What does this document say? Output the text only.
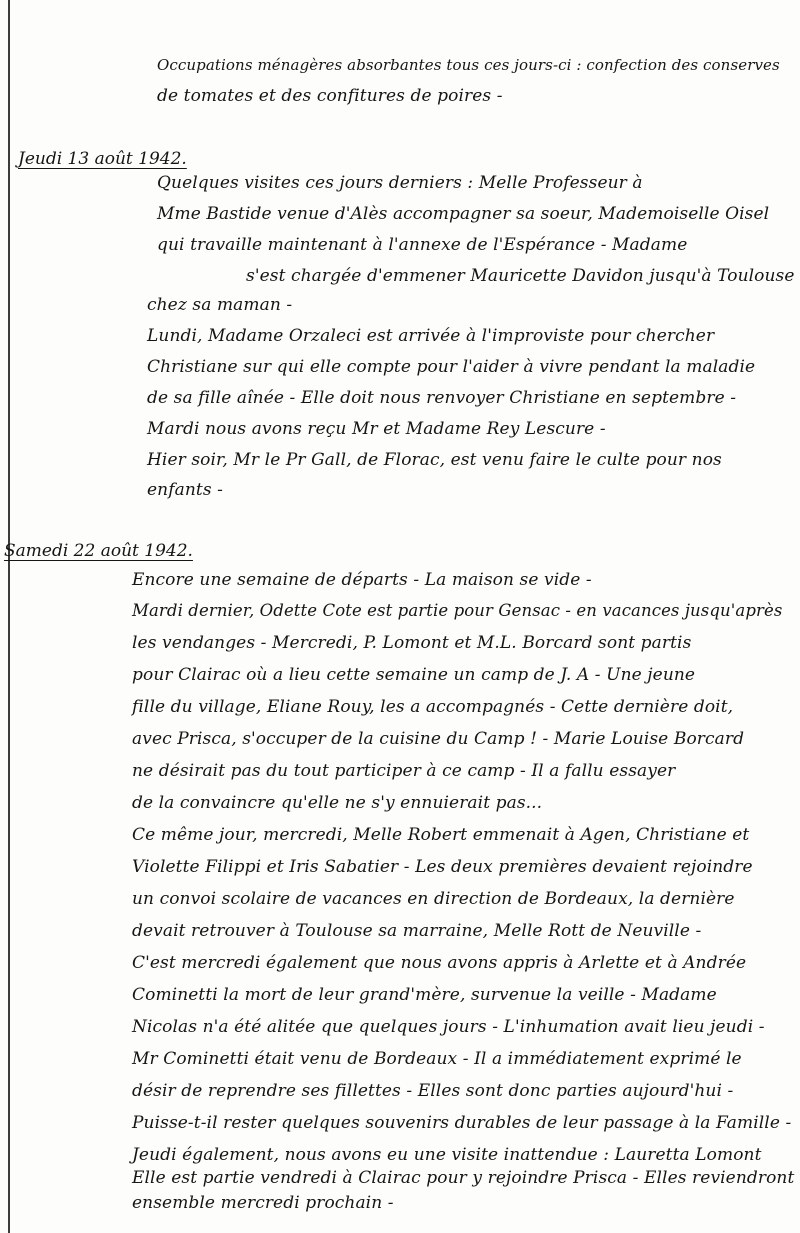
Occupations ménagères absorbantes tous ces jours-ci : confection des conserves
de tomates et des confitures de poires -
Jeudi 13 août 1942.
Quelques visites ces jours derniers : Melle Professeur à
Mme Bastide venue d'Alès accompagner sa soeur, Mademoiselle Oisel
qui travaille maintenant à l'annexe de l'Espérance - Madame
s'est chargée d'emmener Mauricette Davidon jusqu'à Toulouse
chez sa maman -
Lundi, Madame Orzaleci est arrivée à l'improviste pour chercher
Christiane sur qui elle compte pour l'aider à vivre pendant la maladie
de sa fille aînée - Elle doit nous renvoyer Christiane en septembre -
Mardi nous avons reçu Mr et Madame Rey Lescure -
Hier soir, Mr le Pr Gall, de Florac, est venu faire le culte pour nos
enfants -
Samedi 22 août 1942.
Encore une semaine de départs - La maison se vide -
Mardi dernier, Odette Cote est partie pour Gensac - en vacances jusqu'après
les vendanges - Mercredi, P. Lomont et M.L. Borcard sont partis
pour Clairac où a lieu cette semaine un camp de J. A - Une jeune
fille du village, Eliane Rouy, les a accompagnés - Cette dernière doit,
avec Prisca, s'occuper de la cuisine du Camp ! - Marie Louise Borcard
ne désirait pas du tout participer à ce camp - Il a fallu essayer
de la convaincre qu'elle ne s'y ennuierait pas...
Ce même jour, mercredi, Melle Robert emmenait à Agen, Christiane et
Violette Filippi et Iris Sabatier - Les deux premières devaient rejoindre
un convoi scolaire de vacances en direction de Bordeaux, la dernière
devait retrouver à Toulouse sa marraine, Melle Rott de Neuville -
C'est mercredi également que nous avons appris à Arlette et à Andrée
Cominetti la mort de leur grand'mère, survenue la veille - Madame
Nicolas n'a été alitée que quelques jours - L'inhumation avait lieu jeudi -
Mr Cominetti était venu de Bordeaux - Il a immédiatement exprimé le
désir de reprendre ses fillettes - Elles sont donc parties aujourd'hui -
Puisse-t-il rester quelques souvenirs durables de leur passage à la Famille -
Jeudi également, nous avons eu une visite inattendue : Lauretta Lomont
Elle est partie vendredi à Clairac pour y rejoindre Prisca - Elles reviendront
ensemble mercredi prochain -
